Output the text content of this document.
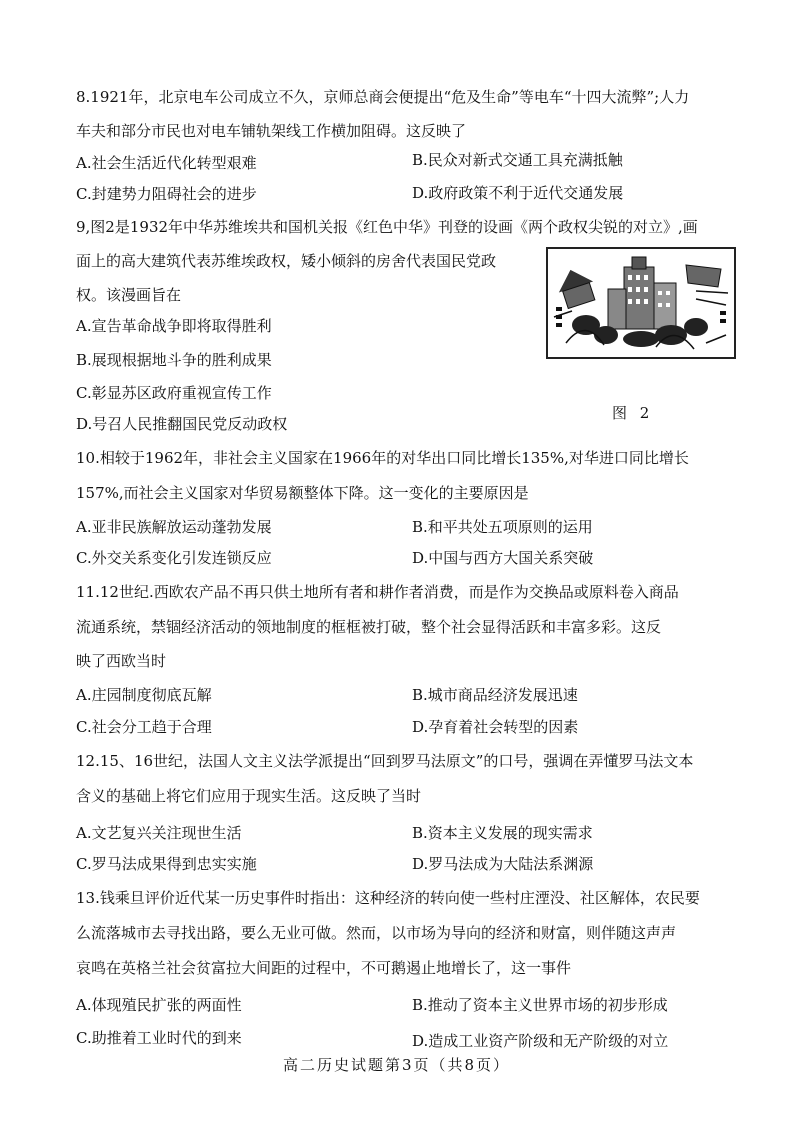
8.1921年，北京电车公司成立不久，京师总商会便提出“危及生命”等电车“十四大流弊”;人力
车夫和部分市民也对电车铺轨架线工作横加阻碍。这反映了
A.社会生活近代化转型艰难	B.民众对新式交通工具充满抵触
C.封建势力阻碍社会的进步	D.政府政策不利于近代交通发展
9,图2是1932年中华苏维埃共和国机关报《红色中华》刊登的设画《两个政权尖锐的对立》,画
面上的高大建筑代表苏维埃政权，矮小倾斜的房舍代表国民党政
权。该漫画旨在
A.宣告革命战争即将取得胜利
B.展现根据地斗争的胜利成果
C.彰显苏区政府重视宣传工作
D.号召人民推翻国民党反动政权
图 2
10.相较于1962年，非社会主义国家在1966年的对华出口同比增长135%,对华进口同比增长
157%,而社会主义国家对华贸易额整体下降。这一变化的主要原因是
A.亚非民族解放运动蓬勃发展	B.和平共处五项原则的运用
C.外交关系变化引发连锁反应	D.中国与西方大国关系突破
11.12世纪.西欧农产品不再只供土地所有者和耕作者消费，而是作为交换品或原料卷入商品
流通系统，禁锢经济活动的领地制度的框框被打破，整个社会显得活跃和丰富多彩。这反
映了西欧当时
A.庄园制度彻底瓦解	B.城市商品经济发展迅速
C.社会分工趋于合理	D.孕育着社会转型的因素
12.15、16世纪，法国人文主义法学派提出“回到罗马法原文”的口号，强调在弄懂罗马法文本
含义的基础上将它们应用于现实生活。这反映了当时
A.文艺复兴关注现世生活	B.资本主义发展的现实需求
C.罗马法成果得到忠实实施	D.罗马法成为大陆法系渊源
13.钱乘旦评价近代某一历史事件时指出：这种经济的转向使一些村庄湮没、社区解体，农民要
么流落城市去寻找出路，要么无业可做。然而，以市场为导向的经济和财富，则伴随这声声
哀鸣在英格兰社会贫富拉大间距的过程中，不可鹅遏止地增长了，这一事件
A.体现殖民扩张的两面性	B.推动了资本主义世界市场的初步形成
C.助推着工业时代的到来	D.造成工业资产阶级和无产阶级的对立
高二历史试题第3页（共8页）
